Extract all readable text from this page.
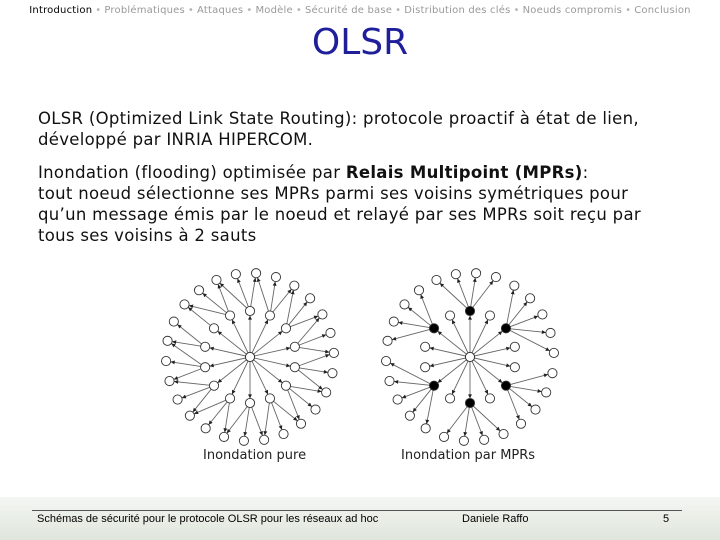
Introduction • Problématiques • Attaques • Modèle • Sécurité de base • Distribution des clés • Noeuds compromis • Conclusion
OLSR
OLSR (Optimized Link State Routing): protocole proactif à état de lien,
développé par INRIA HIPERCOM.
Inondation (flooding) optimisée par Relais Multipoint (MPRs):
tout noeud sélectionne ses MPRs parmi ses voisins symétriques pour
qu’un message émis par le noeud et relayé par ses MPRs soit reçu par
tous ses voisins à 2 sauts
Inondation pure	Inondation par MPRs
Schémas de sécurité pour le protocole OLSR pour les réseaux ad hoc	Daniele Raffo	5
